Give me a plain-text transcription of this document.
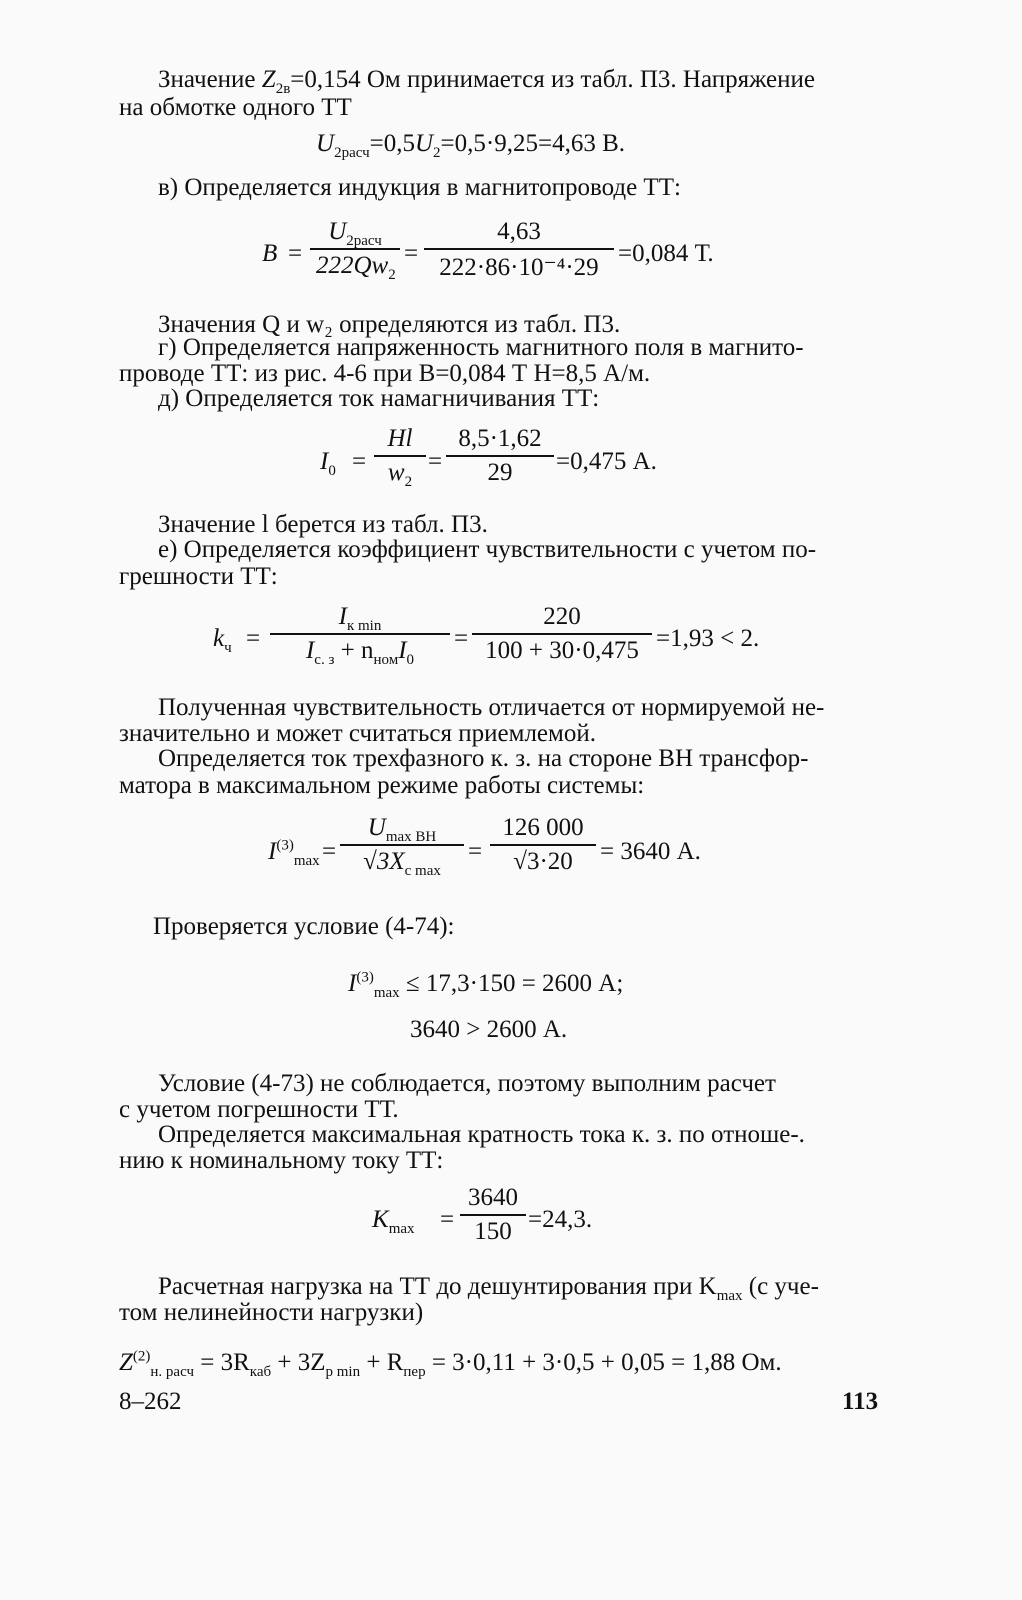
Значение $Z_{2в}=0,154$ Ом принимается из табл. П3. Напряжение
на обмотке одного ТТ
$U_{2расч}=0,5U_2=0,5\cdot 9,25=4,63$ В.
в) Определяется индукция в магнитопроводе ТТ:
B =
$U_{2расч}$
$222Qw_2$
= $\frac{4,63}{\text{222·86·10⁻⁴·29}} =0,084$ Т.
Значения Q и w₂ определяются из табл. П3.
г) Определяется напряженность магнитного поля в магнито-
проводе ТТ: из рис. 4-6 при B=0,084 Т H=8,5 А/м.
д) Определяется ток намагничивания ТТ:
$I_0 = \frac{Hl}{w_2} = \frac{8,5\cdot 1,62}{29} =0,475$ А.
Значение l берется из табл. П3.
е) Определяется коэффициент чувствительности с учетом по-
грешности ТТ:
$k_ч$ =
$I_{к min}$
$I_{с. з} + n_{ном}I_0$
= $\frac{220}{100 + 30\cdot 0,475} =1,93 < 2$.
Полученная чувствительность отличается от нормируемой не-
значительно и может считаться приемлемой.
Определяется ток трехфазного к. з. на стороне ВН трансфор-
матора в максимальном режиме работы системы:
$I^{(3)}_{max}$ =
$U_{max ВН}$
$√3X_{с max}$
= $\frac{126 000}{√3\cdot 20} = 3640$ А.
Проверяется условие (4-74):
$I^{(3)}_{max} \le 17,3\cdot 150 = 2600$ А;
3640 > 2600 А.
Условие (4-73) не соблюдается, поэтому выполним расчет
с учетом погрешности ТТ.
Определяется максимальная кратность тока к. з. по отноше-.
нию к номинальному току ТТ:
$K_{max} = \frac{3640}{150} =24,3$.
Расчетная нагрузка на ТТ до дешунтирования при $K_{max}$ (с уче-
том нелинейности нагрузки)
$Z^{(2)}_{н. расч} = 3R_{каб} + 3Z_{p min} + R_{пер} = 3\cdot 0,11 + 3\cdot 0,5 + 0,05 = 1,88$ Ом.
8–262	113
